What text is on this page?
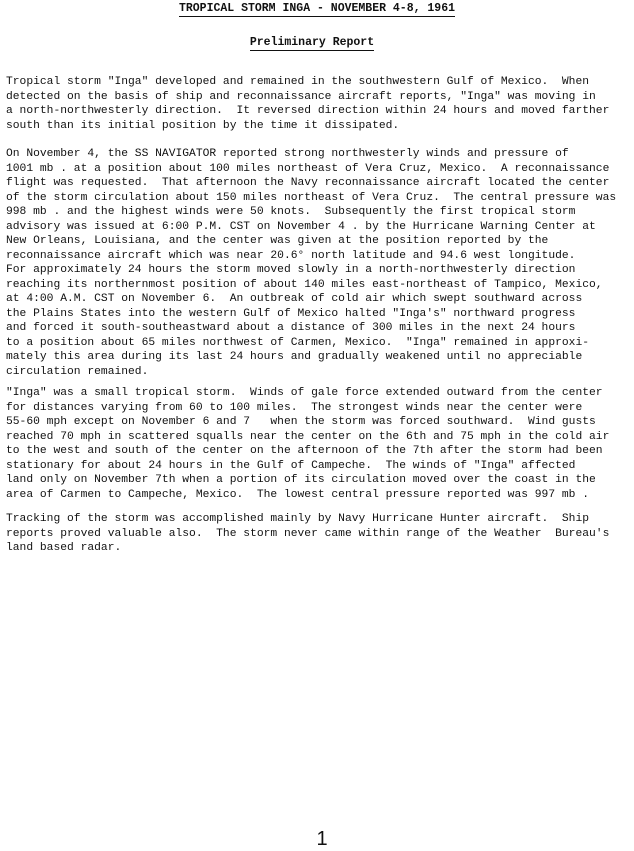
TROPICAL STORM INGA - NOVEMBER 4-8, 1961
Preliminary Report

Tropical storm "Inga" developed and remained in the southwestern Gulf of Mexico.  When
detected on the basis of ship and reconnaissance aircraft reports, "Inga" was moving in
a north-northwesterly direction.  It reversed direction within 24 hours and moved farther
south than its initial position by the time it dissipated.

On November 4, the SS NAVIGATOR reported strong northwesterly winds and pressure of
1001 mb . at a position about 100 miles northeast of Vera Cruz, Mexico.  A reconnaissance
flight was requested.  That afternoon the Navy reconnaissance aircraft located the center
of the storm circulation about 150 miles northeast of Vera Cruz.  The central pressure was
998 mb . and the highest winds were 50 knots.  Subsequently the first tropical storm
advisory was issued at 6:00 P.M. CST on November 4 . by the Hurricane Warning Center at
New Orleans, Louisiana, and the center was given at the position reported by the
reconnaissance aircraft which was near 20.6° north latitude and 94.6 west longitude.
For approximately 24 hours the storm moved slowly in a north-northwesterly direction
reaching its northernmost position of about 140 miles east-northeast of Tampico, Mexico,
at 4:00 A.M. CST on November 6.  An outbreak of cold air which swept southward across
the Plains States into the western Gulf of Mexico halted "Inga's" northward progress
and forced it south-southeastward about a distance of 300 miles in the next 24 hours
to a position about 65 miles northwest of Carmen, Mexico.  "Inga" remained in approxi-
mately this area during its last 24 hours and gradually weakened until no appreciable
circulation remained.

"Inga" was a small tropical storm.  Winds of gale force extended outward from the center
for distances varying from 60 to 100 miles.  The strongest winds near the center were
55-60 mph except on November 6 and 7   when the storm was forced southward.  Wind gusts
reached 70 mph in scattered squalls near the center on the 6th and 75 mph in the cold air
to the west and south of the center on the afternoon of the 7th after the storm had been
stationary for about 24 hours in the Gulf of Campeche.  The winds of "Inga" affected
land only on November 7th when a portion of its circulation moved over the coast in the
area of Carmen to Campeche, Mexico.  The lowest central pressure reported was 997 mb .

Tracking of the storm was accomplished mainly by Navy Hurricane Hunter aircraft.  Ship
reports proved valuable also.  The storm never came within range of the Weather  Bureau's
land based radar.

1
